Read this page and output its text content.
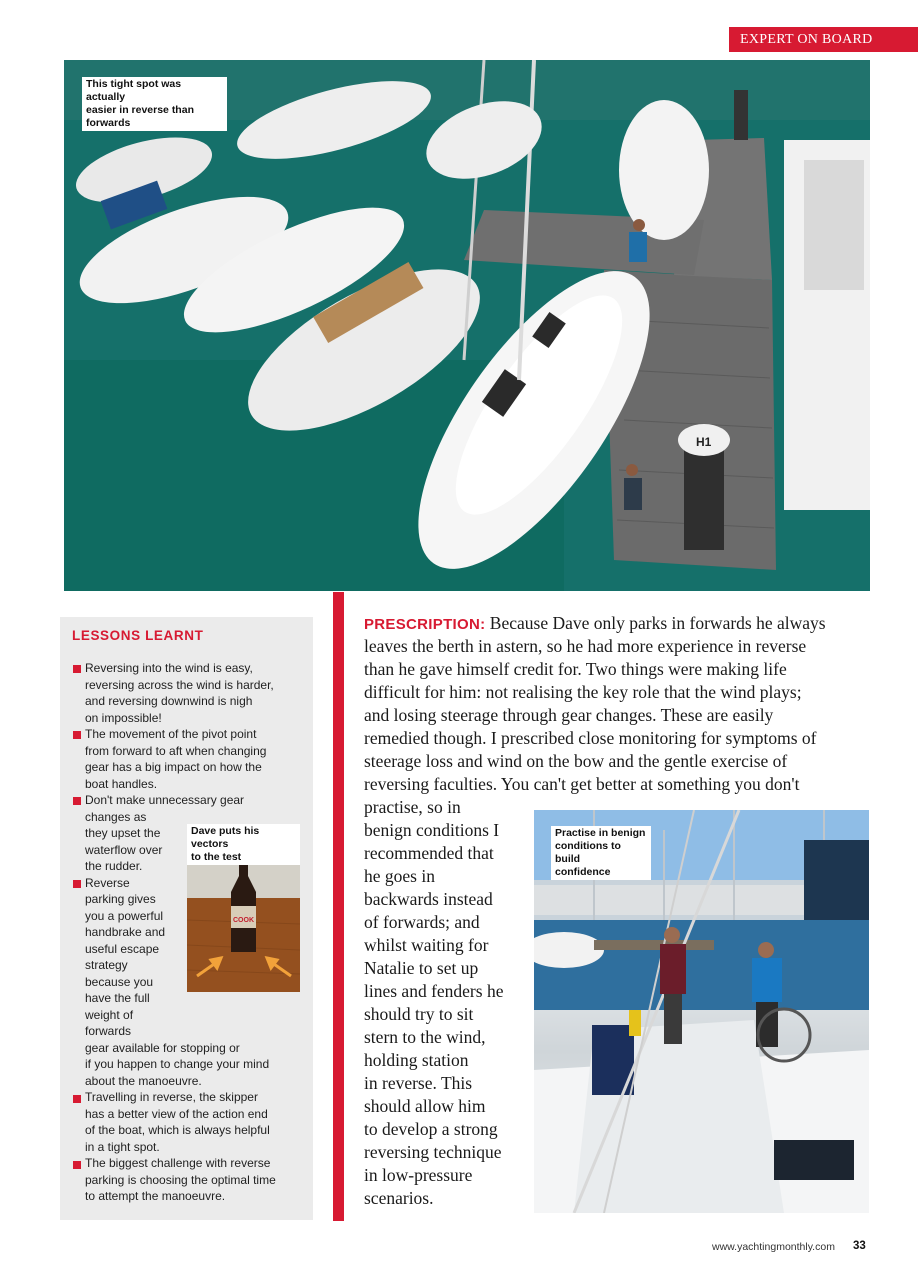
EXPERT ON BOARD
H1
This tight spot was actually
easier in reverse than
forwards
LESSONS LEARNT
Reversing into the wind is easy,
reversing across the wind is harder,
and reversing downwind is nigh
on impossible!
The movement of the pivot point
from forward to aft when changing
gear has a big impact on how the
boat handles.
Don't make unnecessary gear
changes as
they upset the
waterflow over
the rudder.
Reverse
parking gives
you a powerful
handbrake and
useful escape
strategy
because you
have the full
weight of
forwards
gear available for stopping or
if you happen to change your mind
about the manoeuvre.
Travelling in reverse, the skipper
has a better view of the action end
of the boat, which is always helpful
in a tight spot.
The biggest challenge with reverse
parking is choosing the optimal time
to attempt the manoeuvre.
COOK
Dave puts his vectors
to the test
PRESCRIPTION: Because Dave only parks in forwards he always
leaves the berth in astern, so he had more experience in reverse
than he gave himself credit for. Two things were making life
difficult for him: not realising the key role that the wind plays;
and losing steerage through gear changes. These are easily
remedied though. I prescribed close monitoring for symptoms of
steerage loss and wind on the bow and the gentle exercise of
reversing faculties. You can't get better at something you don't
practise, so in
benign conditions I
recommended that
he goes in
backwards instead
of forwards; and
whilst waiting for
Natalie to set up
lines and fenders he
should try to sit
stern to the wind,
holding station
in reverse. This
should allow him
to develop a strong
reversing technique
in low-pressure
scenarios.
Practise in benign
conditions to build
confidence
www.yachtingmonthly.com 33
